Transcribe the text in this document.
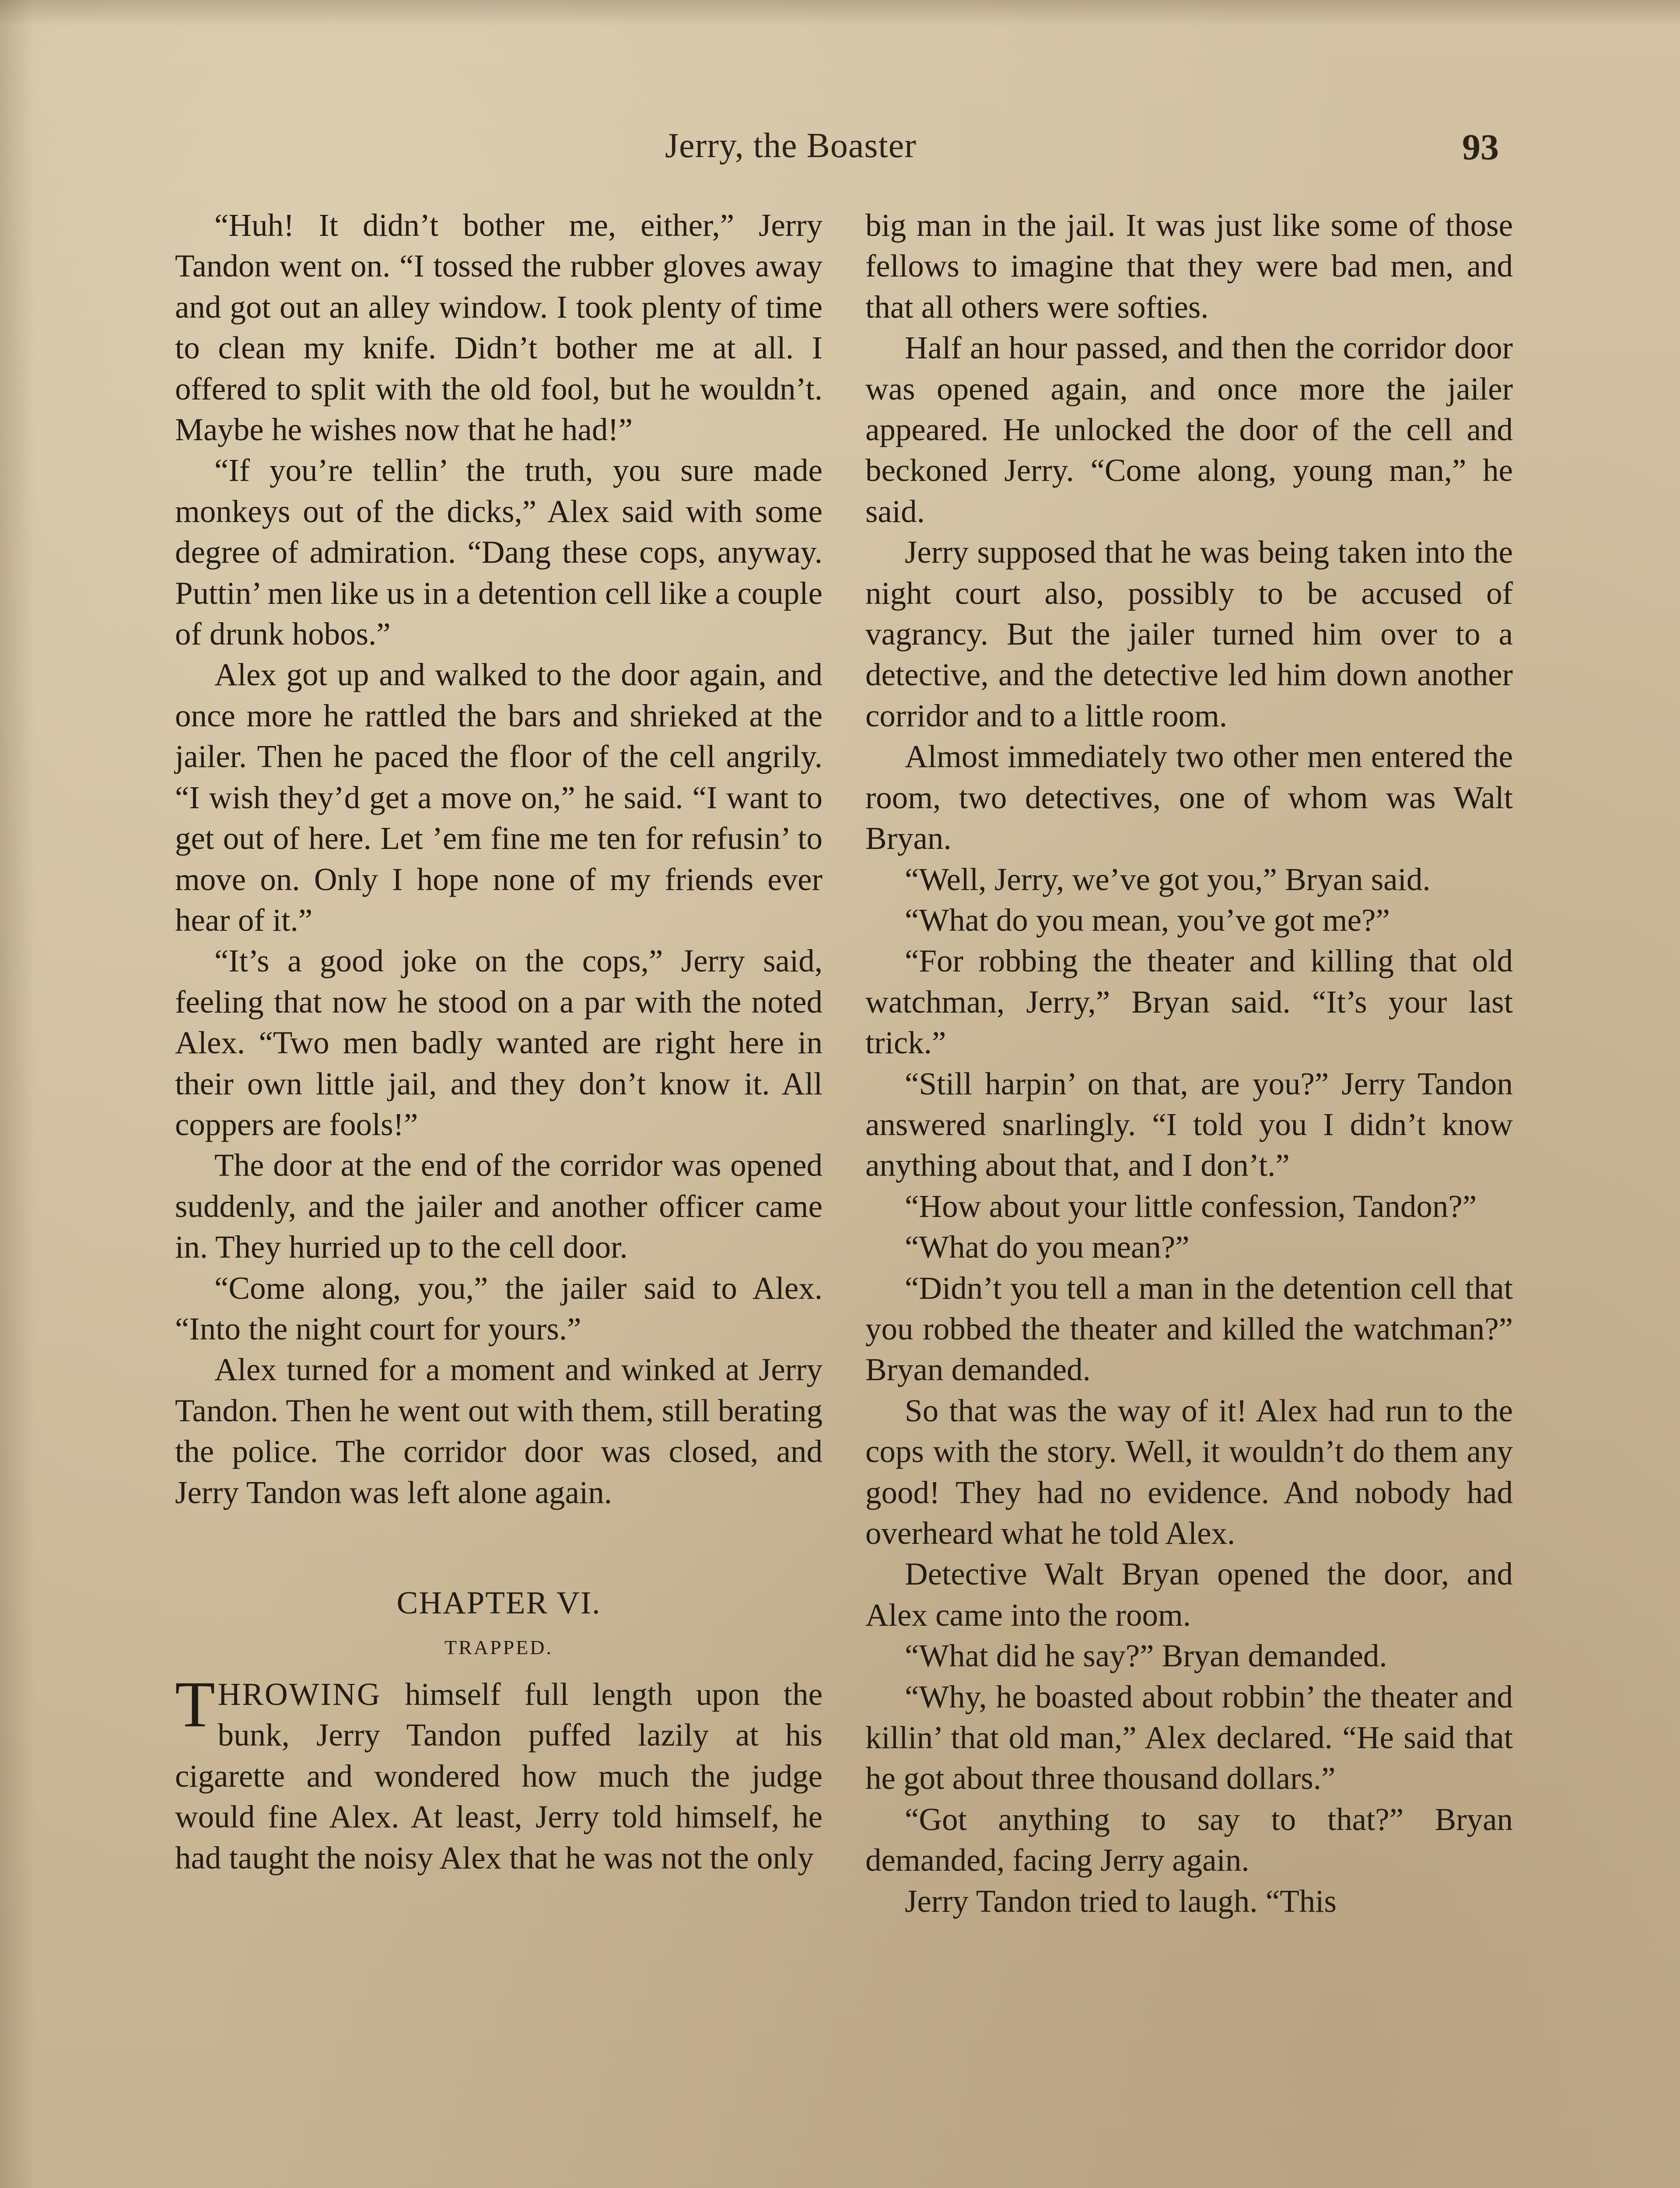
Jerry, the Boaster	93

“Huh! It didn’t bother me, either,” Jerry Tandon went on. “I tossed the rubber gloves away and got out an alley window. I took plenty of time to clean my knife. Didn’t bother me at all. I offered to split with the old fool, but he wouldn’t. Maybe he wishes now that he had!”

“If you’re tellin’ the truth, you sure made monkeys out of the dicks,” Alex said with some degree of admiration. “Dang these cops, anyway. Puttin’ men like us in a detention cell like a couple of drunk hobos.”

Alex got up and walked to the door again, and once more he rattled the bars and shrieked at the jailer. Then he paced the floor of the cell angrily. “I wish they’d get a move on,” he said. “I want to get out of here. Let ’em fine me ten for refusin’ to move on. Only I hope none of my friends ever hear of it.”

“It’s a good joke on the cops,” Jerry said, feeling that now he stood on a par with the noted Alex. “Two men badly wanted are right here in their own little jail, and they don’t know it. All coppers are fools!”

The door at the end of the corridor was opened suddenly, and the jailer and another officer came in. They hurried up to the cell door.

“Come along, you,” the jailer said to Alex. “Into the night court for yours.”

Alex turned for a moment and winked at Jerry Tandon. Then he went out with them, still berating the police. The corridor door was closed, and Jerry Tandon was left alone again.

CHAPTER VI.
TRAPPED.

THROWING himself full length upon the bunk, Jerry Tandon puffed lazily at his cigarette and wondered how much the judge would fine Alex. At least, Jerry told himself, he had taught the noisy Alex that he was not the only

big man in the jail. It was just like some of those fellows to imagine that they were bad men, and that all others were softies.

Half an hour passed, and then the corridor door was opened again, and once more the jailer appeared. He unlocked the door of the cell and beckoned Jerry. “Come along, young man,” he said.

Jerry supposed that he was being taken into the night court also, possibly to be accused of vagrancy. But the jailer turned him over to a detective, and the detective led him down another corridor and to a little room.

Almost immediately two other men entered the room, two detectives, one of whom was Walt Bryan.

“Well, Jerry, we’ve got you,” Bryan said.

“What do you mean, you’ve got me?”

“For robbing the theater and killing that old watchman, Jerry,” Bryan said. “It’s your last trick.”

“Still harpin’ on that, are you?” Jerry Tandon answered snarlingly. “I told you I didn’t know anything about that, and I don’t.”

“How about your little confession, Tandon?”

“What do you mean?”

“Didn’t you tell a man in the detention cell that you robbed the theater and killed the watchman?” Bryan demanded.

So that was the way of it! Alex had run to the cops with the story. Well, it wouldn’t do them any good! They had no evidence. And nobody had overheard what he told Alex.

Detective Walt Bryan opened the door, and Alex came into the room.

“What did he say?” Bryan demanded.

“Why, he boasted about robbin’ the theater and killin’ that old man,” Alex declared. “He said that he got about three thousand dollars.”

“Got anything to say to that?” Bryan demanded, facing Jerry again.

Jerry Tandon tried to laugh. “This
